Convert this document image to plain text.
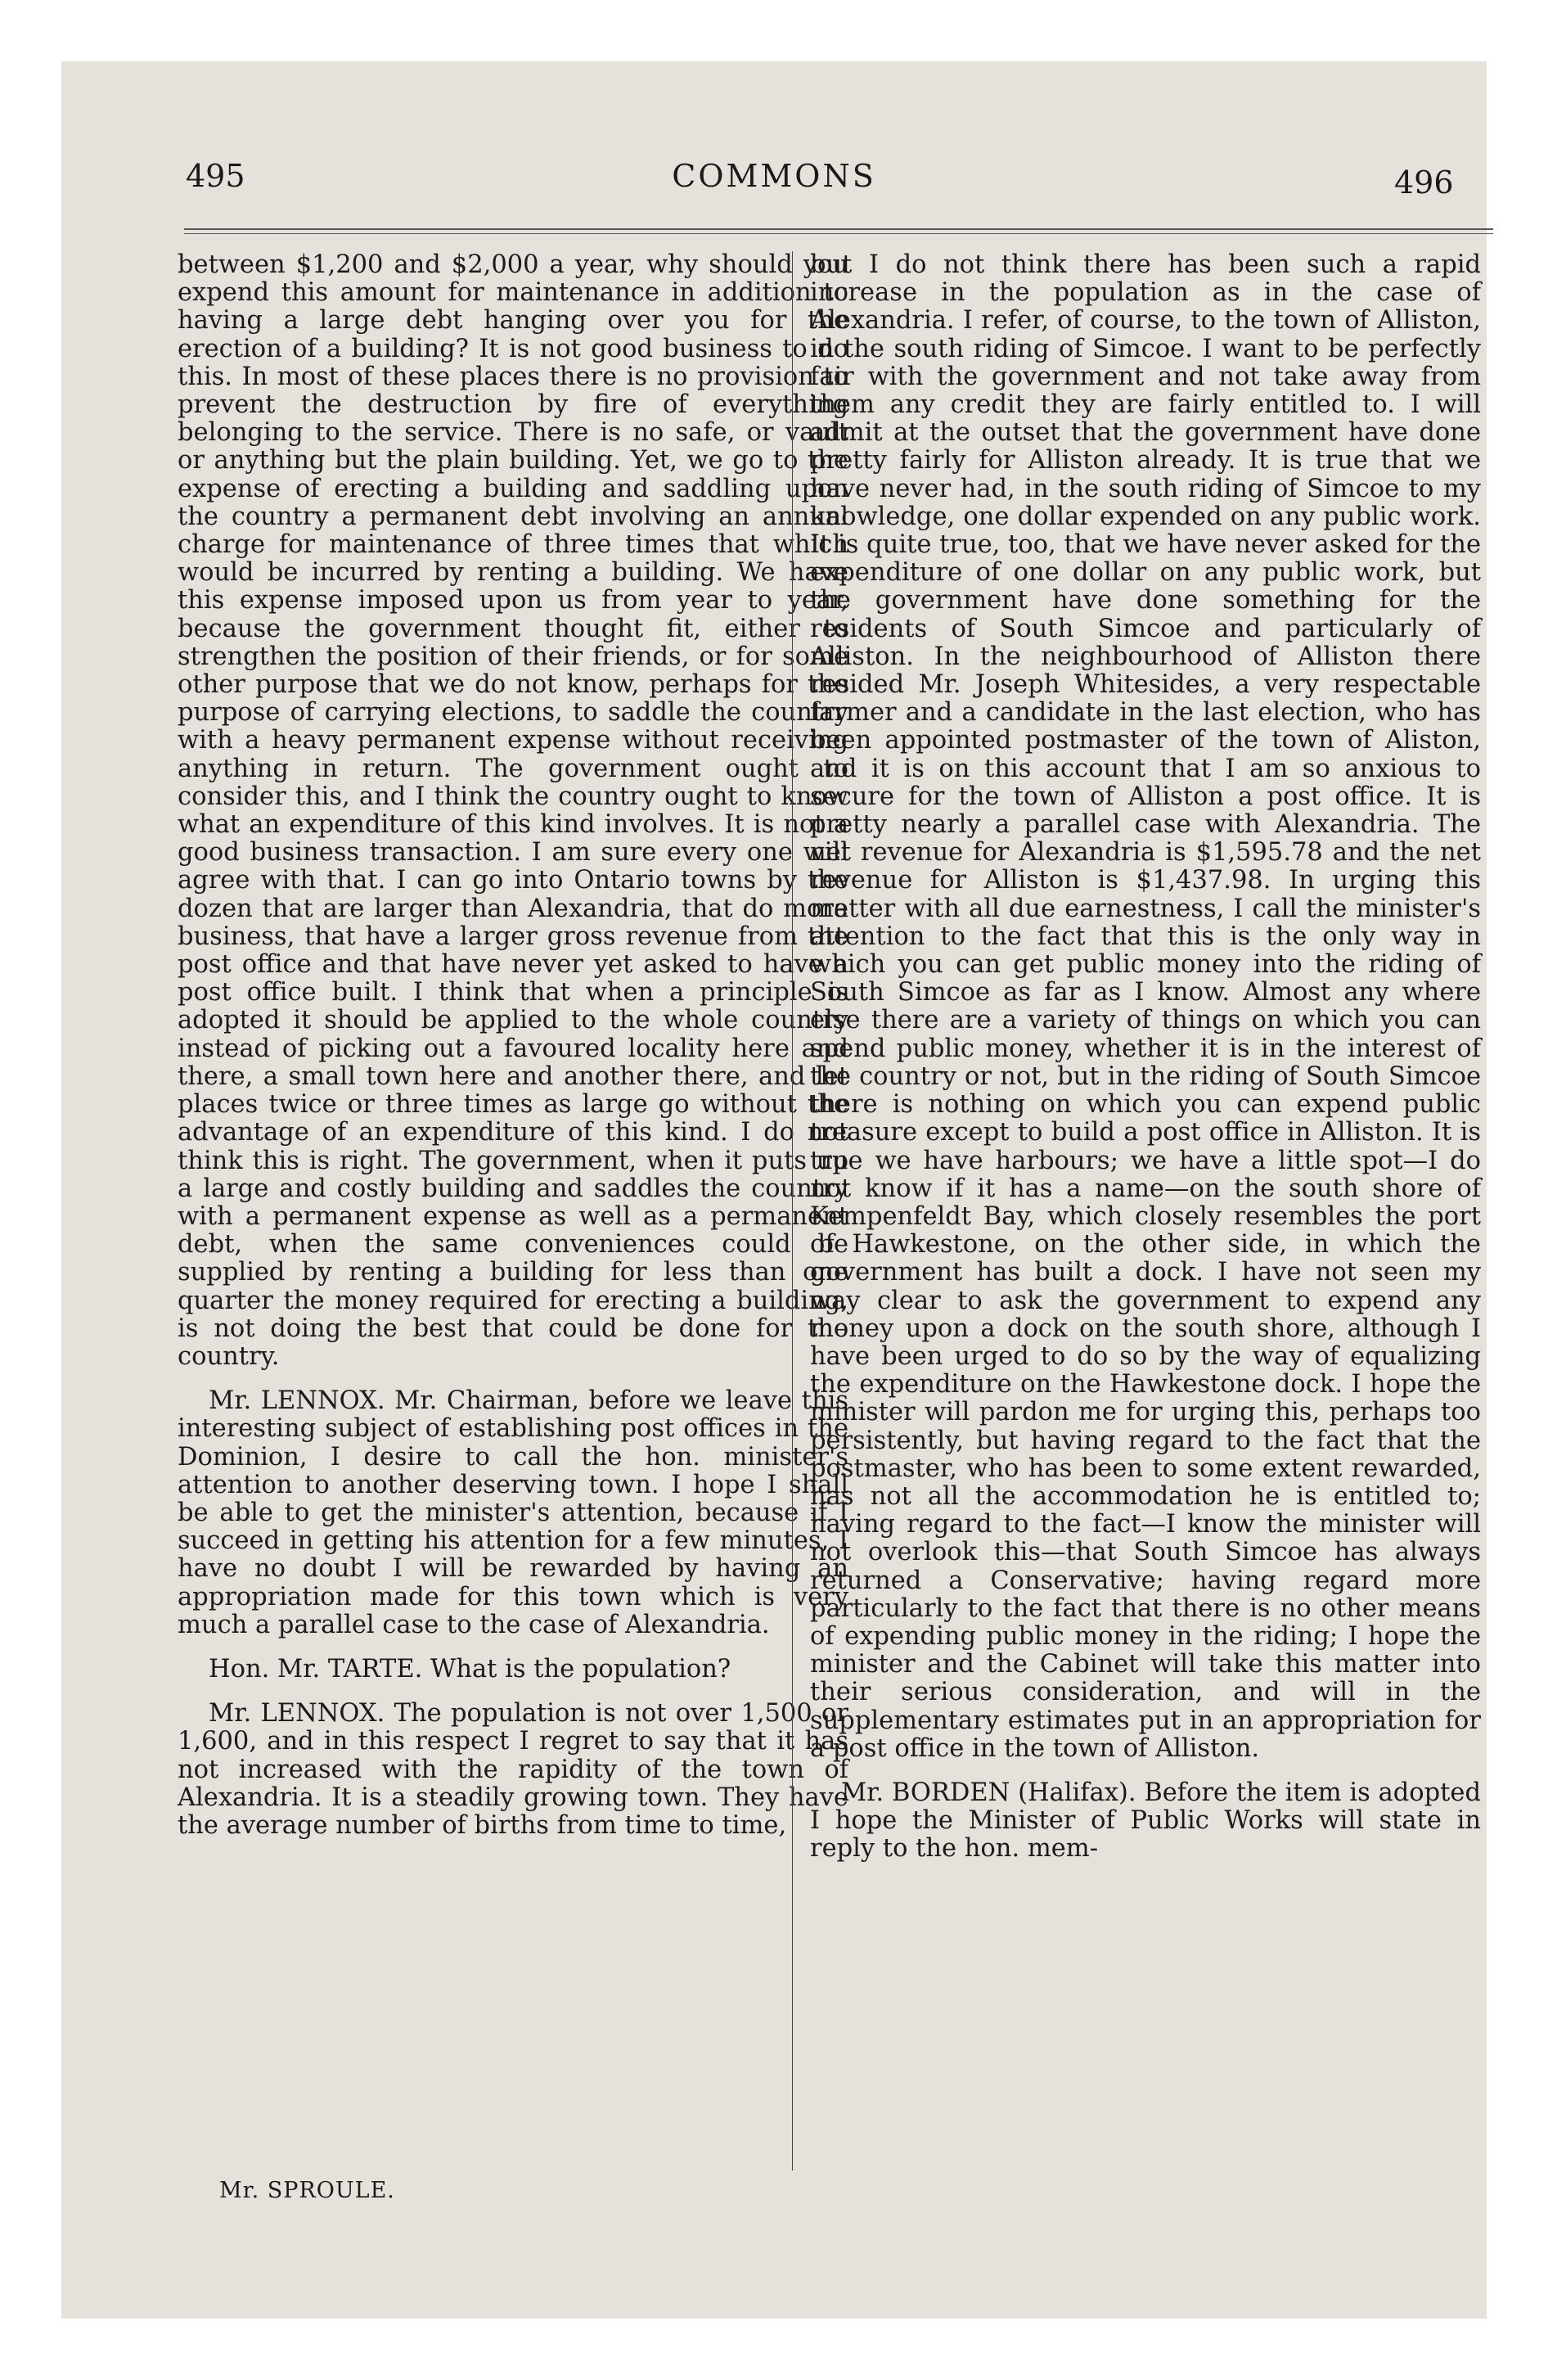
495	COMMONS	496

between $1,200 and $2,000 a year, why should you expend this amount for maintenance in addition to having a large debt hanging over you for the erection of a building? It is not good business to do this. In most of these places there is no provision to prevent the destruction by fire of everything belonging to the service. There is no safe, or vault or anything but the plain building. Yet, we go to the expense of erecting a building and saddling upon the country a permanent debt involving an annual charge for maintenance of three times that which would be incurred by renting a building. We have this expense imposed upon us from year to year, because the government thought fit, either to strengthen the position of their friends, or for some other purpose that we do not know, perhaps for the purpose of carrying elections, to saddle the country with a heavy permanent expense without receiving anything in return. The government ought to consider this, and I think the country ought to know what an expenditure of this kind involves. It is not a good business transaction. I am sure every one will agree with that. I can go into Ontario towns by the dozen that are larger than Alexandria, that do more business, that have a larger gross revenue from the post office and that have never yet asked to have a post office built. I think that when a principle is adopted it should be applied to the whole country instead of picking out a favoured locality here and there, a small town here and another there, and let places twice or three times as large go without the advantage of an expenditure of this kind. I do not think this is right. The government, when it puts up a large and costly building and saddles the country with a permanent expense as well as a permanent debt, when the same conveniences could be supplied by renting a building for less than one quarter the money required for erecting a building, is not doing the best that could be done for the country.

Mr. LENNOX. Mr. Chairman, before we leave this interesting subject of establishing post offices in the Dominion, I desire to call the hon. minister's attention to another deserving town. I hope I shall be able to get the minister's attention, because if I succeed in getting his attention for a few minutes, I have no doubt I will be rewarded by having an appropriation made for this town which is very much a parallel case to the case of Alexandria.

Hon. Mr. TARTE. What is the population?

Mr. LENNOX. The population is not over 1,500 or 1,600, and in this respect I regret to say that it has not increased with the rapidity of the town of Alexandria. It is a steadily growing town. They have the average number of births from time to time,

but I do not think there has been such a rapid increase in the population as in the case of Alexandria. I refer, of course, to the town of Alliston, in the south riding of Simcoe. I want to be perfectly fair with the government and not take away from them any credit they are fairly entitled to. I will admit at the outset that the government have done pretty fairly for Alliston already. It is true that we have never had, in the south riding of Simcoe to my knowledge, one dollar expended on any public work. It is quite true, too, that we have never asked for the expenditure of one dollar on any public work, but the government have done something for the residents of South Simcoe and particularly of Alliston. In the neighbourhood of Alliston there resided Mr. Joseph Whitesides, a very respectable farmer and a candidate in the last election, who has been appointed postmaster of the town of Aliston, and it is on this account that I am so anxious to secure for the town of Alliston a post office. It is pretty nearly a parallel case with Alexandria. The net revenue for Alexandria is $1,595.78 and the net revenue for Alliston is $1,437.98. In urging this matter with all due earnestness, I call the minister's attention to the fact that this is the only way in which you can get public money into the riding of South Simcoe as far as I know. Almost any where else there are a variety of things on which you can spend public money, whether it is in the interest of the country or not, but in the riding of South Simcoe there is nothing on which you can expend public treasure except to build a post office in Alliston. It is true we have harbours; we have a little spot—I do not know if it has a name—on the south shore of Kempenfeldt Bay, which closely resembles the port of Hawkestone, on the other side, in which the government has built a dock. I have not seen my way clear to ask the government to expend any money upon a dock on the south shore, although I have been urged to do so by the way of equalizing the expenditure on the Hawkestone dock. I hope the minister will pardon me for urging this, perhaps too persistently, but having regard to the fact that the postmaster, who has been to some extent rewarded, has not all the accommodation he is entitled to; having regard to the fact—I know the minister will not overlook this—that South Simcoe has always returned a Conservative; having regard more particularly to the fact that there is no other means of expending public money in the riding; I hope the minister and the Cabinet will take this matter into their serious consideration, and will in the supplementary estimates put in an appropriation for a post office in the town of Alliston.

Mr. BORDEN (Halifax). Before the item is adopted I hope the Minister of Public Works will state in reply to the hon. mem-

Mr. SPROULE.
